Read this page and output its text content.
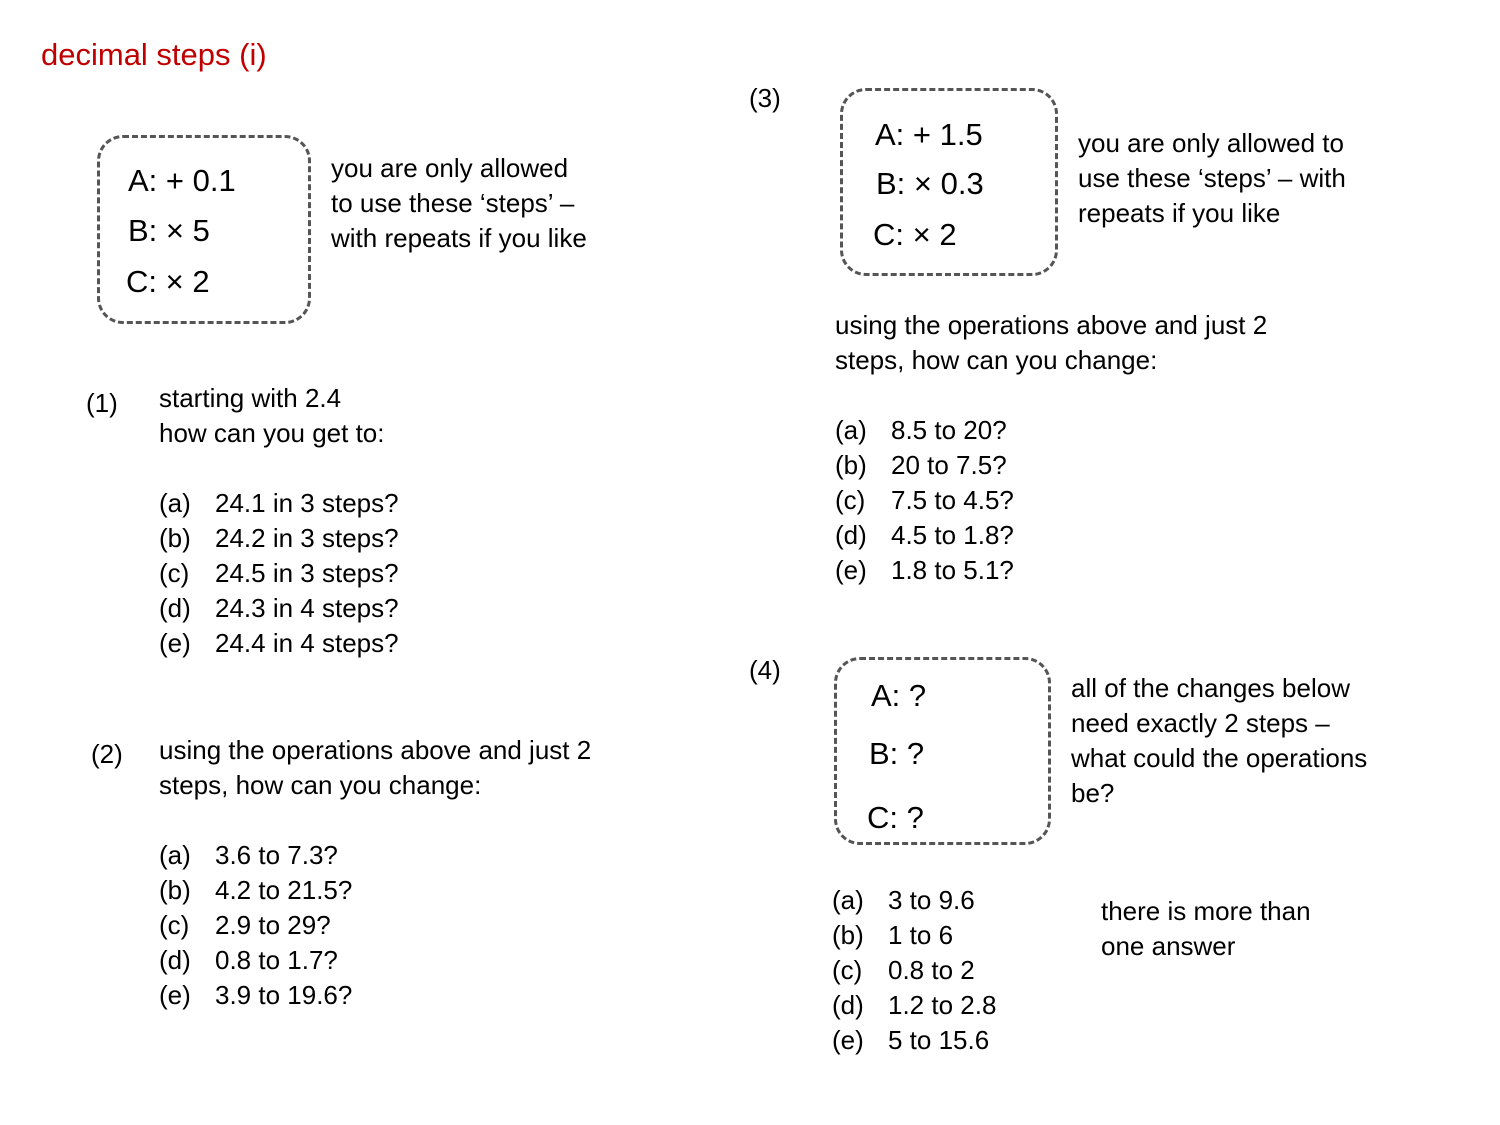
decimal steps (i)
A: + 0.1
B: × 5
C: × 2
you are only allowed
to use these ‘steps’ –
with repeats if you like
(1) starting with 2.4
how can you get to:
(a) 24.1 in 3 steps?
(b) 24.2 in 3 steps?
(c) 24.5 in 3 steps?
(d) 24.3 in 4 steps?
(e) 24.4 in 4 steps?
(2) using the operations above and just 2
steps, how can you change:
(a) 3.6 to 7.3?
(b) 4.2 to 21.5?
(c) 2.9 to 29?
(d) 0.8 to 1.7?
(e) 3.9 to 19.6?
(3)
A: + 1.5
B: × 0.3
C: × 2
you are only allowed to
use these ‘steps’ – with
repeats if you like
using the operations above and just 2
steps, how can you change:
(a) 8.5 to 20?
(b) 20 to 7.5?
(c) 7.5 to 4.5?
(d) 4.5 to 1.8?
(e) 1.8 to 5.1?
(4)
A: ?
B: ?
C: ?
all of the changes below
need exactly 2 steps –
what could the operations
be?
(a) 3 to 9.6
(b) 1 to 6
(c) 0.8 to 2
(d) 1.2 to 2.8
(e) 5 to 15.6
there is more than
one answer
